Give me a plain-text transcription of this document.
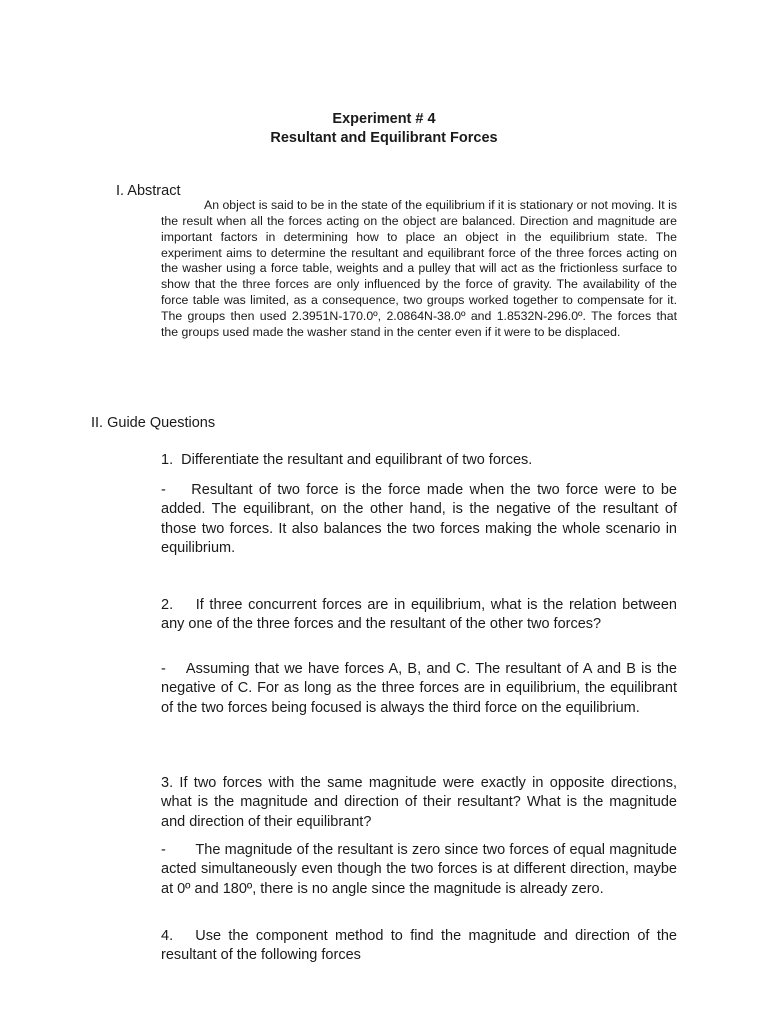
Experiment # 4
Resultant and Equilibrant Forces
I. Abstract
An object is said to be in the state of the equilibrium if it is stationary or not moving. It is the result when all the forces acting on the object are balanced. Direction and magnitude are important factors in determining how to place an object in the equilibrium state. The experiment aims to determine the resultant and equilibrant force of the three forces acting on the washer using a force table, weights and a pulley that will act as the frictionless surface to show that the three forces are only influenced by the force of gravity. The availability of the force table was limited, as a consequence, two groups worked together to compensate for it. The groups then used 2.3951N-170.0º, 2.0864N-38.0º and 1.8532N-296.0º. The forces that the groups used made the washer stand in the center even if it were to be displaced.
II. Guide Questions
1.  Differentiate the resultant and equilibrant of two forces.
-    Resultant of two force is the force made when the two force were to be added. The equilibrant, on the other hand, is the negative of the resultant of those two forces. It also balances the two forces making the whole scenario in equilibrium.
2.    If three concurrent forces are in equilibrium, what is the relation between any one of the three forces and the resultant of the other two forces?
-    Assuming that we have forces A, B, and C. The resultant of A and B is the negative of C. For as long as the three forces are in equilibrium, the equilibrant of the two forces being focused is always the third force on the equilibrium.
3. If two forces with the same magnitude were exactly in opposite directions, what is the magnitude and direction of their resultant? What is the magnitude and direction of their equilibrant?
-       The magnitude of the resultant is zero since two forces of equal magnitude acted simultaneously even though the two forces is at different direction, maybe at 0º and 180º, there is no angle since the magnitude is already zero.
4.   Use the component method to find the magnitude and direction of the resultant of the following forces
